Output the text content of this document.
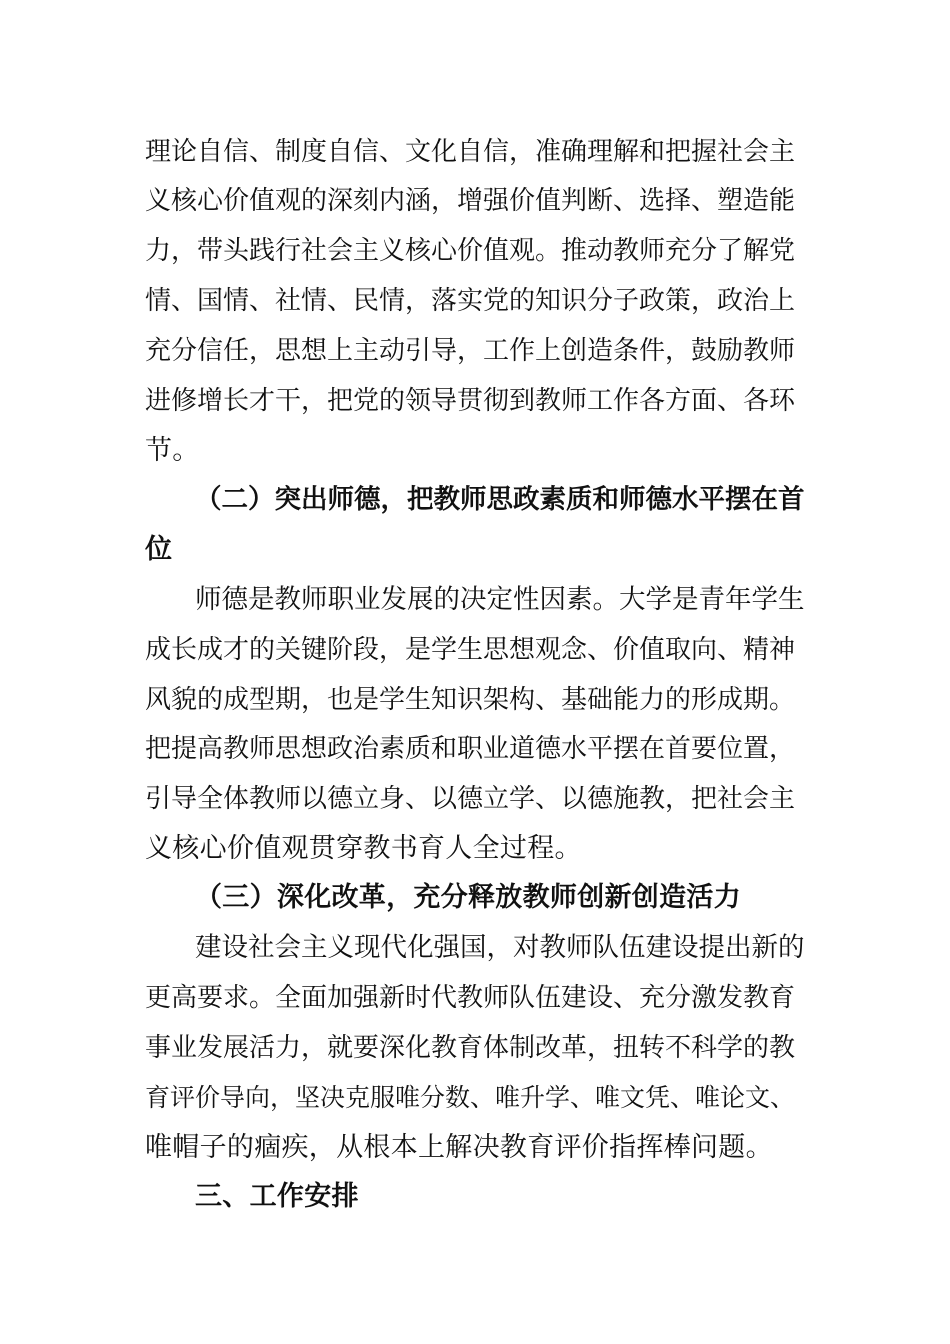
理论自信、制度自信、文化自信，准确理解和把握社会主
义核心价值观的深刻内涵，增强价值判断、选择、塑造能
力，带头践行社会主义核心价值观。推动教师充分了解党
情、国情、社情、民情，落实党的知识分子政策，政治上
充分信任，思想上主动引导，工作上创造条件，鼓励教师
进修增长才干，把党的领导贯彻到教师工作各方面、各环
节。
（二）突出师德，把教师思政素质和师德水平摆在首
位
师德是教师职业发展的决定性因素。大学是青年学生
成长成才的关键阶段，是学生思想观念、价值取向、精神
风貌的成型期，也是学生知识架构、基础能力的形成期。
把提高教师思想政治素质和职业道德水平摆在首要位置，
引导全体教师以德立身、以德立学、以德施教，把社会主
义核心价值观贯穿教书育人全过程。
（三）深化改革，充分释放教师创新创造活力
建设社会主义现代化强国，对教师队伍建设提出新的
更高要求。全面加强新时代教师队伍建设、充分激发教育
事业发展活力，就要深化教育体制改革，扭转不科学的教
育评价导向，坚决克服唯分数、唯升学、唯文凭、唯论文、
唯帽子的痼疾，从根本上解决教育评价指挥棒问题。
三、工作安排
